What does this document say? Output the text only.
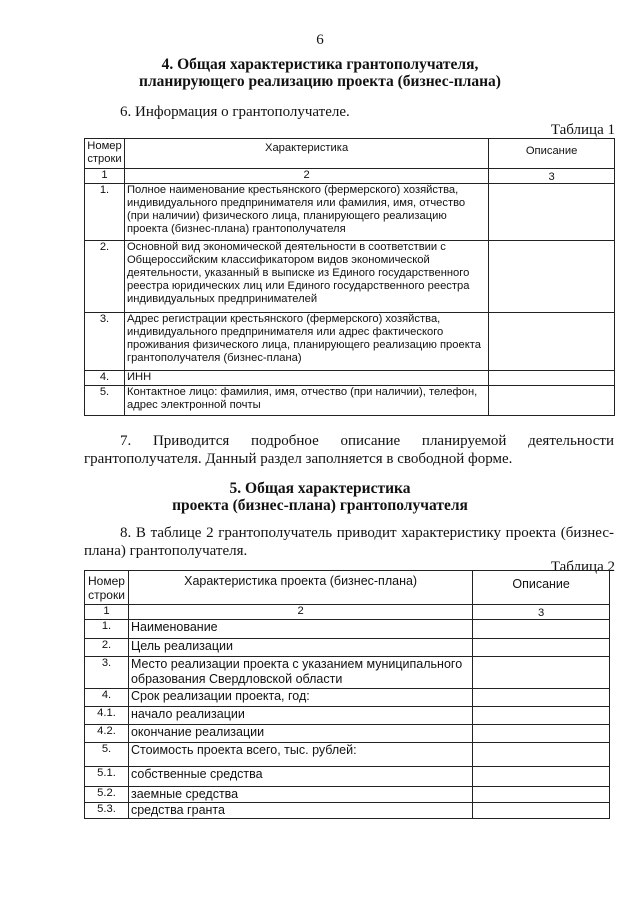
6
4. Общая характеристика грантополучателя,
планирующего реализацию проекта (бизнес-плана)
6. Информация о грантополучателе.
Таблица 1
Номер строки	Характеристика	Описание
1	2	3
1.	Полное наименование крестьянского (фермерского) хозяйства, индивидуального предпринимателя или фамилия, имя, отчество (при наличии) физического лица, планирующего реализацию проекта (бизнес-плана) грантополучателя	
2.	Основной вид экономической деятельности в соответствии с Общероссийским классификатором видов экономической деятельности, указанный в выписке из Единого государственного реестра юридических лиц или Единого государственного реестра индивидуальных предпринимателей	
3.	Адрес регистрации крестьянского (фермерского) хозяйства, индивидуального предпринимателя или адрес фактического проживания физического лица, планирующего реализацию проекта грантополучателя (бизнес-плана)	
4.	ИНН	
5.	Контактное лицо: фамилия, имя, отчество (при наличии), телефон, адрес электронной почты	
7. Приводится подробное описание планируемой деятельности
грантополучателя. Данный раздел заполняется в свободной форме.
5. Общая характеристика
проекта (бизнес-плана) грантополучателя
8. В таблице 2 грантополучатель приводит характеристику проекта (бизнес-
плана) грантополучателя.
Таблица 2
Номер строки	Характеристика проекта (бизнес-плана)	Описание
1	2	3
1.	Наименование	
2.	Цель реализации	
3.	Место реализации проекта с указанием муниципального образования Свердловской области	
4.	Срок реализации проекта, год:	
4.1.	начало реализации	
4.2.	окончание реализации	
5.	Стоимость проекта всего, тыс. рублей:	
5.1.	собственные средства	
5.2.	заемные средства	
5.3.	средства гранта	
